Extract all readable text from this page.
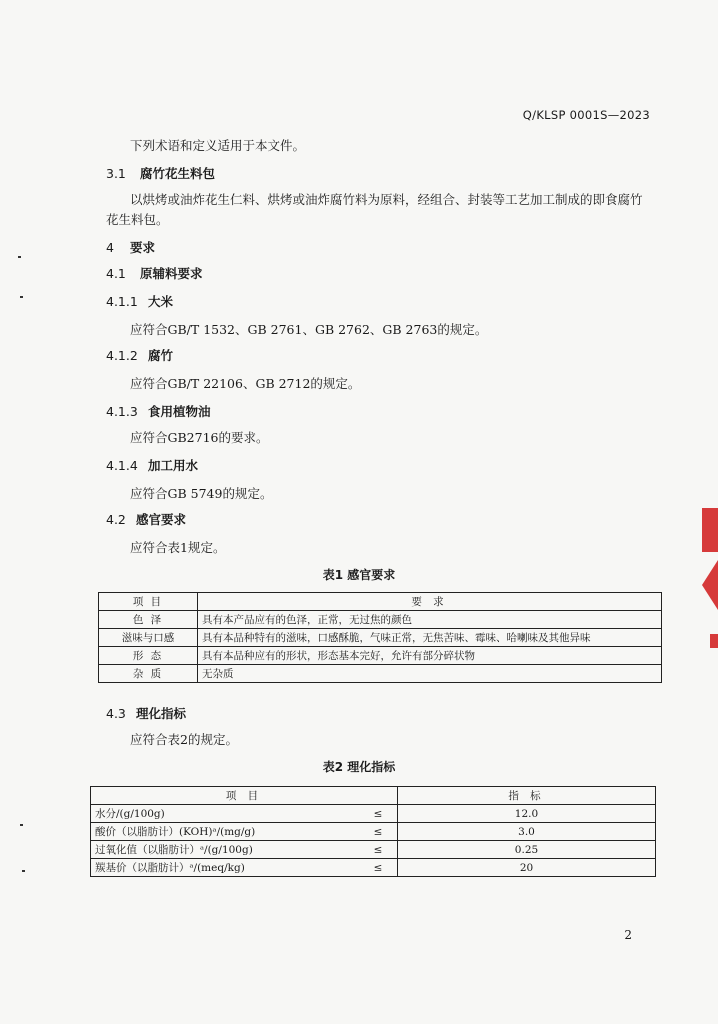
Q/KLSP 0001S—2023
下列术语和定义适用于本文件。
3.1 腐竹花生料包
以烘烤或油炸花生仁料、烘烤或油炸腐竹料为原料，经组合、封装等工艺加工制成的即食腐竹花生料包。
4 要求
4.1 原辅料要求
4.1.1 大米
应符合GB/T 1532、GB 2761、GB 2762、GB 2763的规定。
4.1.2 腐竹
应符合GB/T 22106、GB 2712的规定。
4.1.3 食用植物油
应符合GB2716的要求。
4.1.4 加工用水
应符合GB 5749的规定。
4.2 感官要求
应符合表1规定。
表1 感官要求
项 目	要 求
色 泽	具有本产品应有的色泽，正常，无过焦的颜色
滋味与口感	具有本品种特有的滋味，口感酥脆，气味正常，无焦苦味、霉味、哈喇味及其他异味
形 态	具有本品种应有的形状，形态基本完好，允许有部分碎状物
杂 质	无杂质
4.3 理化指标
应符合表2的规定。
表2 理化指标
项 目		指 标
水分/(g/100g)	≤	12.0
酸价（以脂肪计）(KOH)ᵃ/(mg/g)	≤	3.0
过氧化值（以脂肪计）ᵃ/(g/100g)	≤	0.25
羰基价（以脂肪计）ᵃ/(meq/kg)	≤	20
2
